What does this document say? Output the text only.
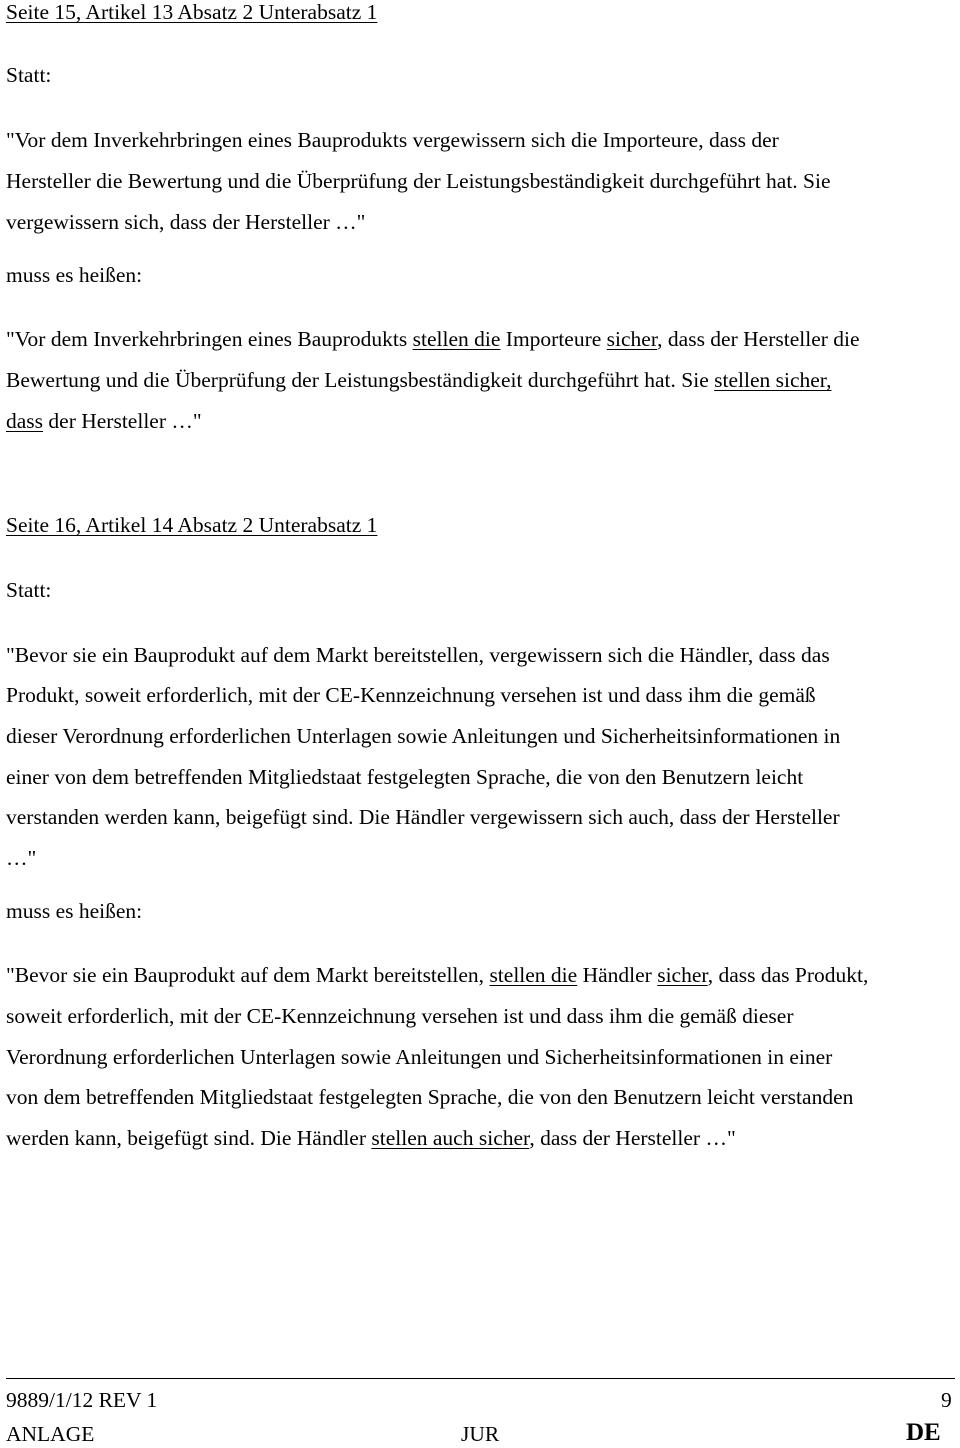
Seite 15, Artikel 13 Absatz 2 Unterabsatz 1
Statt:
"Vor dem Inverkehrbringen eines Bauprodukts vergewissern sich die Importeure, dass der
Hersteller die Bewertung und die Überprüfung der Leistungsbeständigkeit durchgeführt hat. Sie
vergewissern sich, dass der Hersteller …"
muss es heißen:
"Vor dem Inverkehrbringen eines Bauprodukts stellen die Importeure sicher, dass der Hersteller die
Bewertung und die Überprüfung der Leistungsbeständigkeit durchgeführt hat. Sie stellen sicher,
dass der Hersteller …"
Seite 16, Artikel 14 Absatz 2 Unterabsatz 1
Statt:
"Bevor sie ein Bauprodukt auf dem Markt bereitstellen, vergewissern sich die Händler, dass das
Produkt, soweit erforderlich, mit der CE-Kennzeichnung versehen ist und dass ihm die gemäß
dieser Verordnung erforderlichen Unterlagen sowie Anleitungen und Sicherheitsinformationen in
einer von dem betreffenden Mitgliedstaat festgelegten Sprache, die von den Benutzern leicht
verstanden werden kann, beigefügt sind. Die Händler vergewissern sich auch, dass der Hersteller
…"
muss es heißen:
"Bevor sie ein Bauprodukt auf dem Markt bereitstellen, stellen die Händler sicher, dass das Produkt,
soweit erforderlich, mit der CE-Kennzeichnung versehen ist und dass ihm die gemäß dieser
Verordnung erforderlichen Unterlagen sowie Anleitungen und Sicherheitsinformationen in einer
von dem betreffenden Mitgliedstaat festgelegten Sprache, die von den Benutzern leicht verstanden
werden kann, beigefügt sind. Die Händler stellen auch sicher, dass der Hersteller …"
9889/1/12 REV 1	9
ANLAGE	JUR	DE
